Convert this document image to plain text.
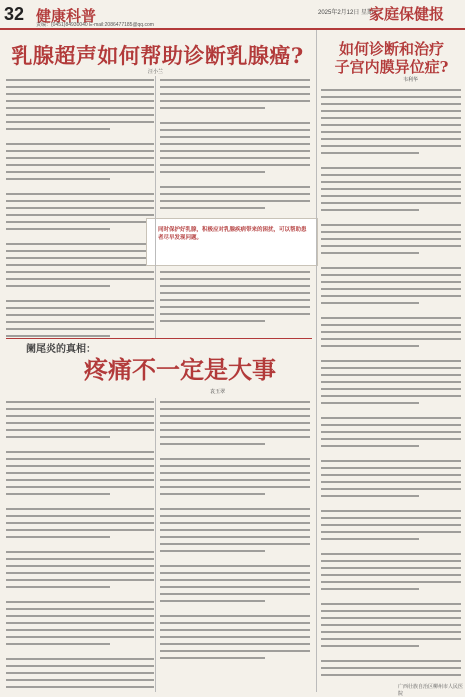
32 健康科普
责编：(0451)84930040 E-mail:2086477185@qq.com
2025年2月12日 星期三
家庭保健报
乳腺超声如何帮助诊断乳腺癌?
汪小兰
同时保护好乳腺，积极应对乳腺疾病带来的困扰，可以帮助患者尽早发现问题。
阑尾炎的真相：
疼痛不一定是大事
袁玉翠
如何诊断和治疗
子宫内膜异位症?
韦利华
广西壮族自治区柳州市人民医院
